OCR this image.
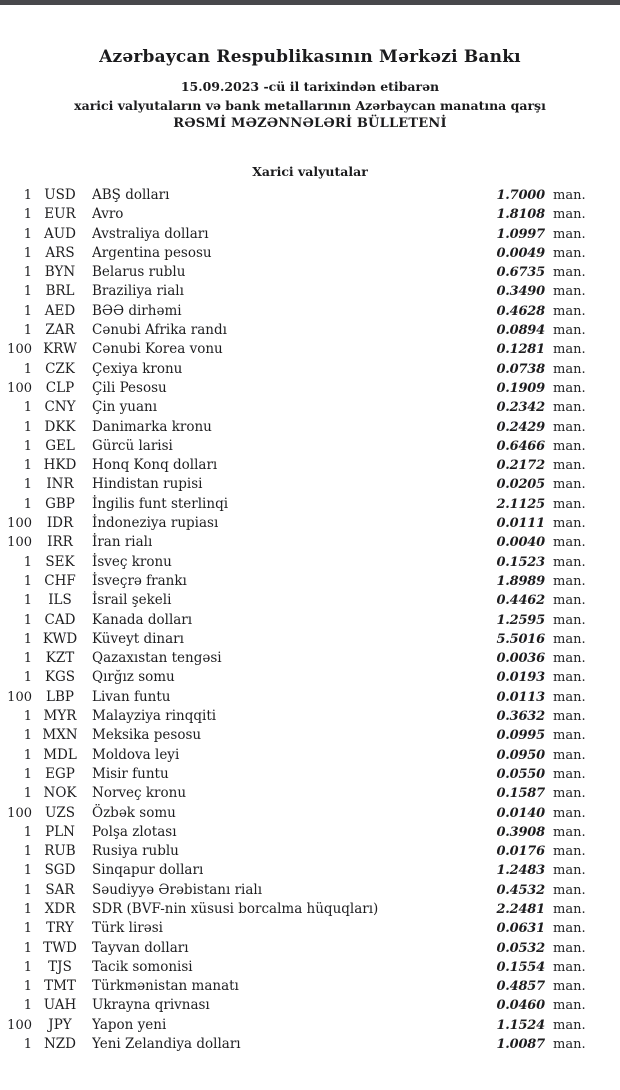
Azərbaycan Respublikasının Mərkəzi Bankı
15.09.2023 -cü il tarixindən etibarən
xarici valyutaların və bank metallarının Azərbaycan manatına qarşı
RƏSMİ MƏZƏNNƏLƏRİ BÜLLETENİ
Xarici valyutalar
1 USD	ABŞ dolları	1.7000 man.
1 EUR	Avro	1.8108 man.
1 AUD	Avstraliya dolları	1.0997 man.
1 ARS	Argentina pesosu	0.0049 man.
1 BYN	Belarus rublu	0.6735 man.
1 BRL	Braziliya rialı	0.3490 man.
1 AED	BƏƏ dirhəmi	0.4628 man.
1 ZAR	Cənubi Afrika randı	0.0894 man.
100 KRW	Cənubi Korea vonu	0.1281 man.
1 CZK	Çexiya kronu	0.0738 man.
100	CLP	Çili Pesosu	0.1909 man.
1 CNY	Çin yuanı	0.2342 man.
1 DKK	Danimarka kronu	0.2429 man.
1 GEL	Gürcü larisi	0.6466 man.
1 HKD	Honq Konq dolları	0.2172 man.
1	INR	Hindistan rupisi	0.0205 man.
1 GBP	İngilis funt sterlinqi	2.1125 man.
100	IDR	İndoneziya rupiası	0.0111 man.
100	IRR	İran rialı	0.0040 man.
1 SEK	İsveç kronu	0.1523 man.
1 CHF	İsveçrə frankı	1.8989 man.
1	ILS	İsrail şekeli	0.4462 man.
1 CAD	Kanada dolları	1.2595 man.
1 KWD	Küveyt dinarı	5.5016 man.
1	KZT	Qazaxıstan tengəsi	0.0036 man.
1 KGS	Qırğız somu	0.0193 man.
100	LBP	Livan funtu	0.0113 man.
1 MYR	Malayziya rinqqiti	0.3632 man.
1 MXN	Meksika pesosu	0.0995 man.
1 MDL	Moldova leyi	0.0950 man.
1 EGP	Misir funtu	0.0550 man.
1 NOK	Norveç kronu	0.1587 man.
100 UZS	Özbək somu	0.0140 man.
1 PLN	Polşa zlotası	0.3908 man.
1 RUB	Rusiya rublu	0.0176 man.
1 SGD	Sinqapur dolları	1.2483 man.
1 SAR	Səudiyyə Ərəbistanı rialı	0.4532 man.
1 XDR	SDR (BVF-nin xüsusi borcalma hüquqları)	2.2481 man.
1	TRY	Türk lirəsi	0.0631 man.
1 TWD	Tayvan dolları	0.0532 man.
1	TJS	Tacik somonisi	0.1554 man.
1 TMT	Türkmənistan manatı	0.4857 man.
1 UAH	Ukrayna qrivnası	0.0460 man.
100	JPY	Yapon yeni	1.1524 man.
1 NZD	Yeni Zelandiya dolları	1.0087 man.
